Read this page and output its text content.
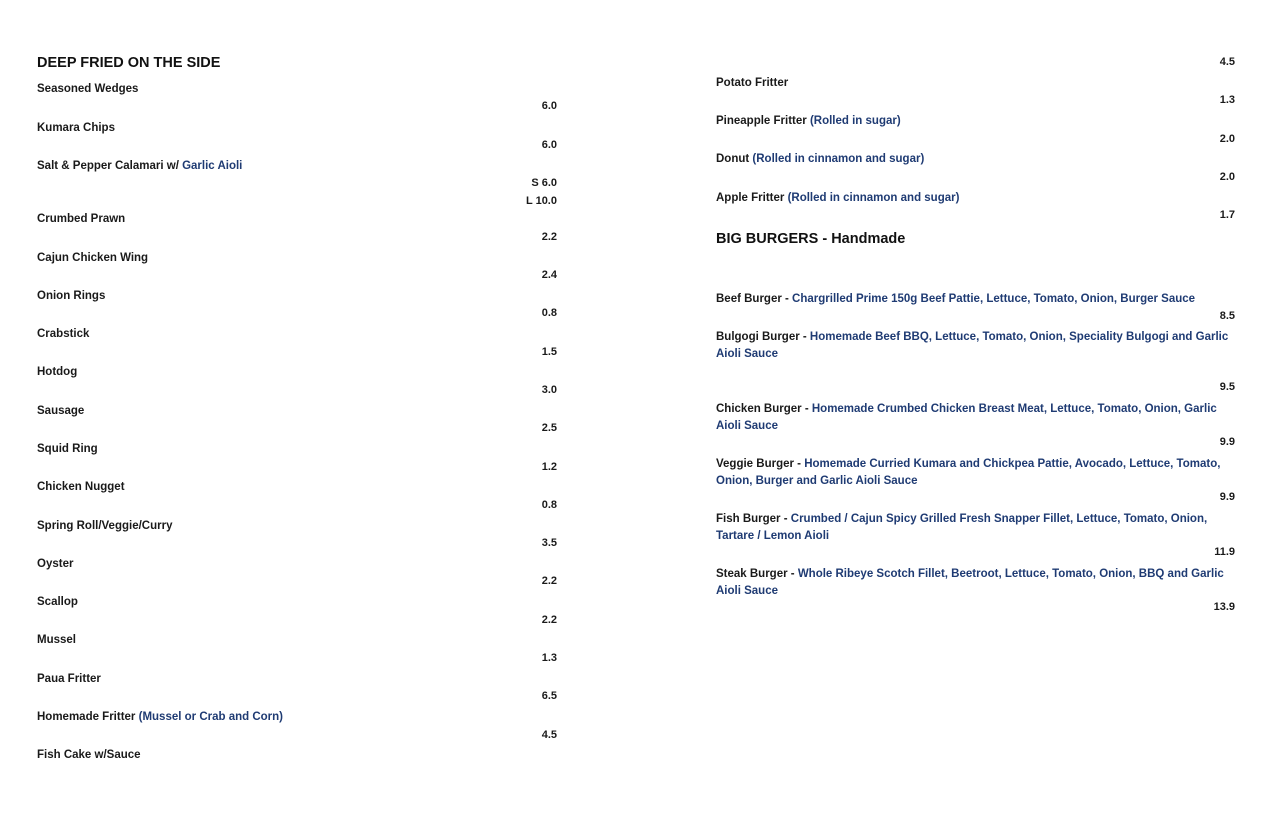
DEEP FRIED ON THE SIDE
Seasoned Wedges
6.0
Kumara Chips
6.0
Salt & Pepper Calamari w/ Garlic Aioli
S 6.0
L 10.0
Crumbed Prawn
2.2
Cajun Chicken Wing
2.4
Onion Rings
0.8
Crabstick
1.5
Hotdog
3.0
Sausage
2.5
Squid Ring
1.2
Chicken Nugget
0.8
Spring Roll/Veggie/Curry
3.5
Oyster
2.2
Scallop
2.2
Mussel
1.3
Paua Fritter
6.5
Homemade Fritter (Mussel or Crab and Corn)
4.5
Fish Cake w/Sauce
4.5
Potato Fritter
1.3
Pineapple Fritter (Rolled in sugar)
2.0
Donut (Rolled in cinnamon and sugar)
2.0
Apple Fritter (Rolled in cinnamon and sugar)
1.7
BIG BURGERS - Handmade
Beef Burger - Chargrilled Prime 150g Beef Pattie, Lettuce, Tomato, Onion, Burger Sauce
8.5
Bulgogi Burger - Homemade Beef BBQ, Lettuce, Tomato, Onion, Speciality Bulgogi and Garlic Aioli Sauce
9.5
Chicken Burger - Homemade Crumbed Chicken Breast Meat, Lettuce, Tomato, Onion, Garlic Aioli Sauce
9.9
Veggie Burger - Homemade Curried Kumara and Chickpea Pattie, Avocado, Lettuce, Tomato, Onion, Burger and Garlic Aioli Sauce
9.9
Fish Burger - Crumbed / Cajun Spicy Grilled Fresh Snapper Fillet, Lettuce, Tomato, Onion, Tartare / Lemon Aioli
11.9
Steak Burger - Whole Ribeye Scotch Fillet, Beetroot, Lettuce, Tomato, Onion, BBQ and Garlic Aioli Sauce
13.9
